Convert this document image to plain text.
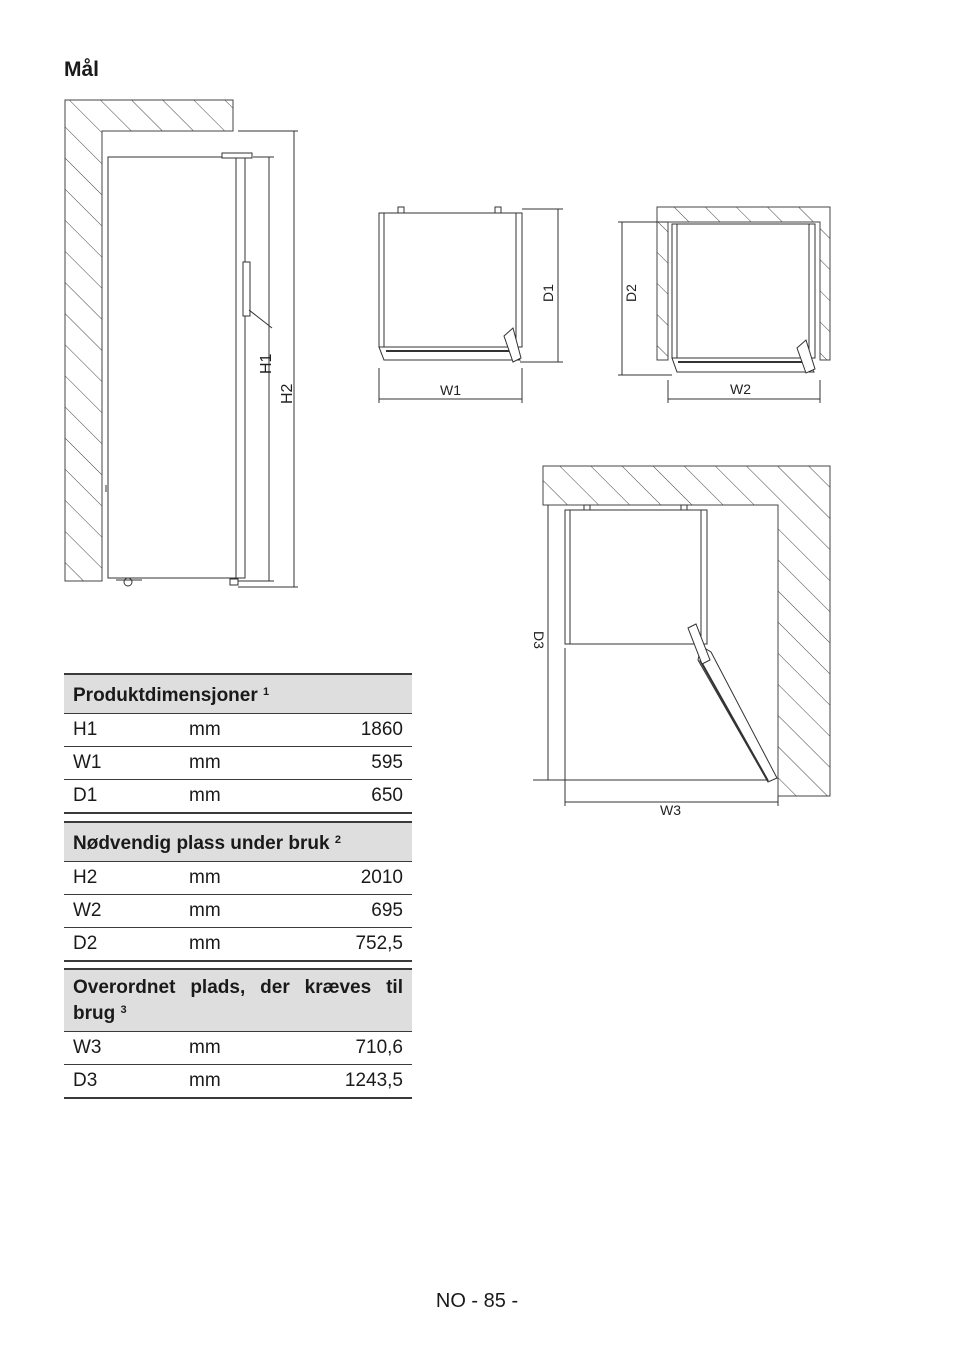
Mål
H1
H2
D1
W1
D2
W2
D3
W3
Produktdimensjoner $^1$
H1	mm	1860
W1	mm	595
D1	mm	650
Nødvendig plass under bruk $^2$
H2	mm	2010
W2	mm	695
D2	mm	752,5
Overordnet plads, der kræves til brug $^3$
W3	mm	710,6
D3	mm	1243,5
NO - 85 -
